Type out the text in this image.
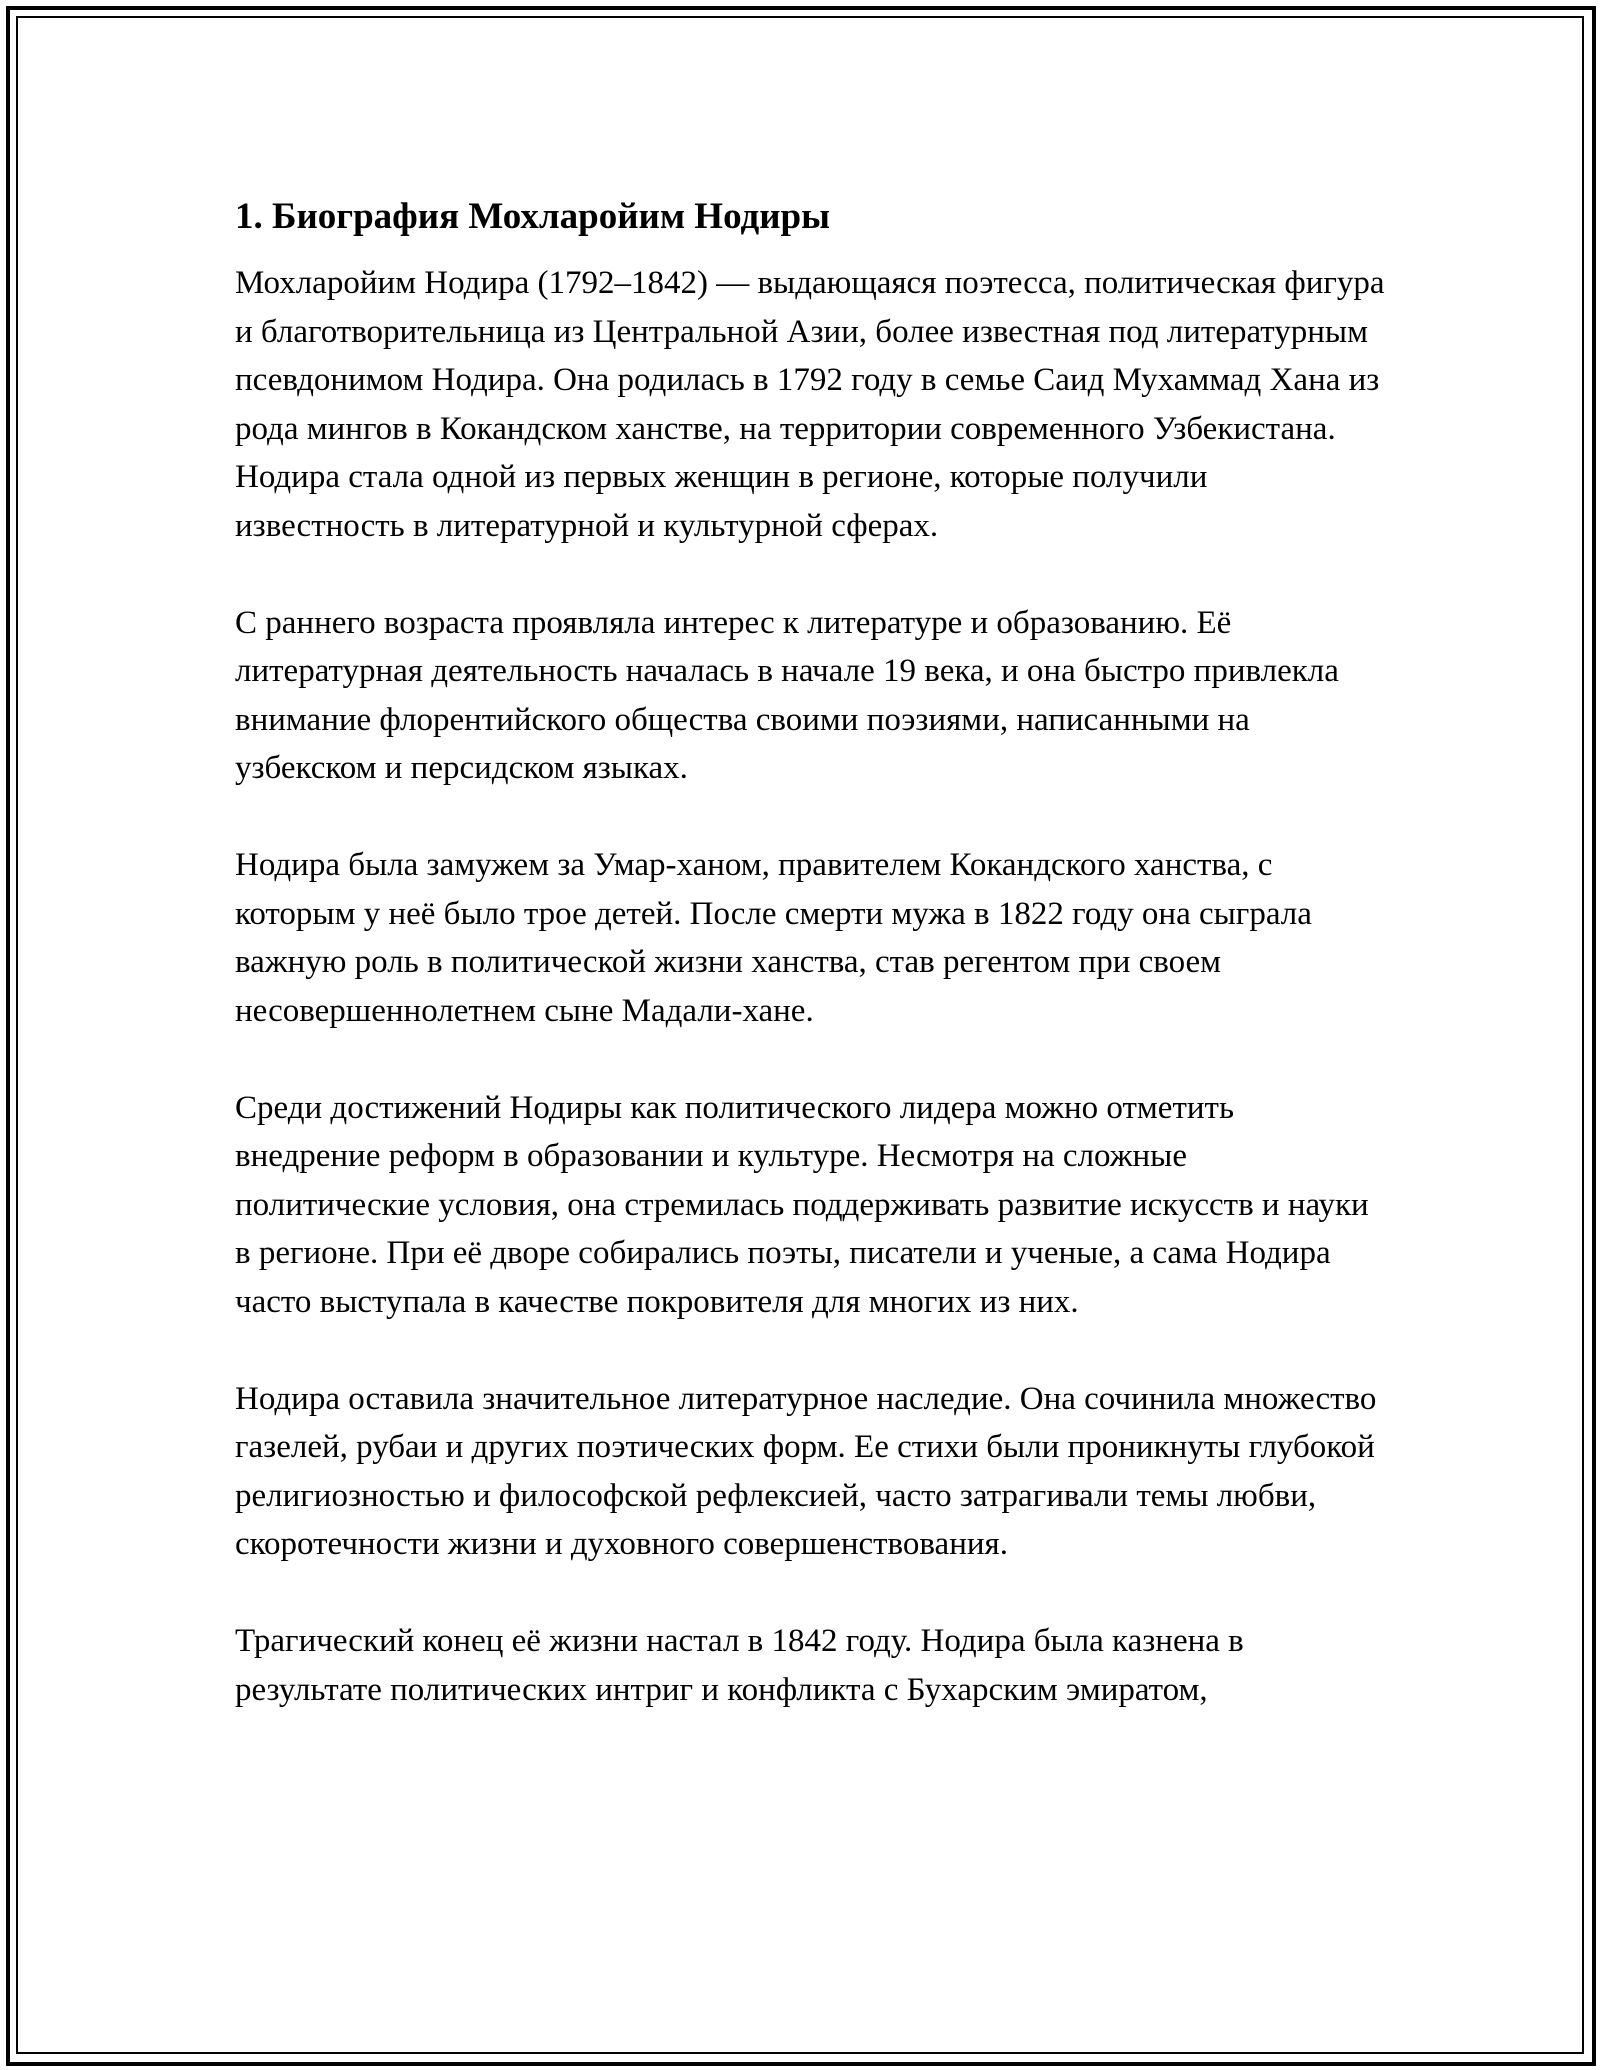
1. Биография Мохларойим Нодиры

Мохларойим Нодира (1792–1842) — выдающаяся поэтесса, политическая фигура и благотворительница из Центральной Азии, более известная под литературным псевдонимом Нодира. Она родилась в 1792 году в семье Саид Мухаммад Хана из рода мингов в Кокандском ханстве, на территории современного Узбекистана. Нодира стала одной из первых женщин в регионе, которые получили известность в литературной и культурной сферах.

С раннего возраста проявляла интерес к литературе и образованию. Её литературная деятельность началась в начале 19 века, и она быстро привлекла внимание флорентийского общества своими поэзиями, написанными на узбекском и персидском языках.

Нодира была замужем за Умар-ханом, правителем Кокандского ханства, с которым у неё было трое детей. После смерти мужа в 1822 году она сыграла важную роль в политической жизни ханства, став регентом при своем несовершеннолетнем сыне Мадали-хане.

Среди достижений Нодиры как политического лидера можно отметить внедрение реформ в образовании и культуре. Несмотря на сложные политические условия, она стремилась поддерживать развитие искусств и науки в регионе. При её дворе собирались поэты, писатели и ученые, а сама Нодира часто выступала в качестве покровителя для многих из них.

Нодира оставила значительное литературное наследие. Она сочинила множество газелей, рубаи и других поэтических форм. Ее стихи были проникнуты глубокой религиозностью и философской рефлексией, часто затрагивали темы любви, скоротечности жизни и духовного совершенствования.

Трагический конец её жизни настал в 1842 году. Нодира была казнена в результате политических интриг и конфликта с Бухарским эмиратом,
